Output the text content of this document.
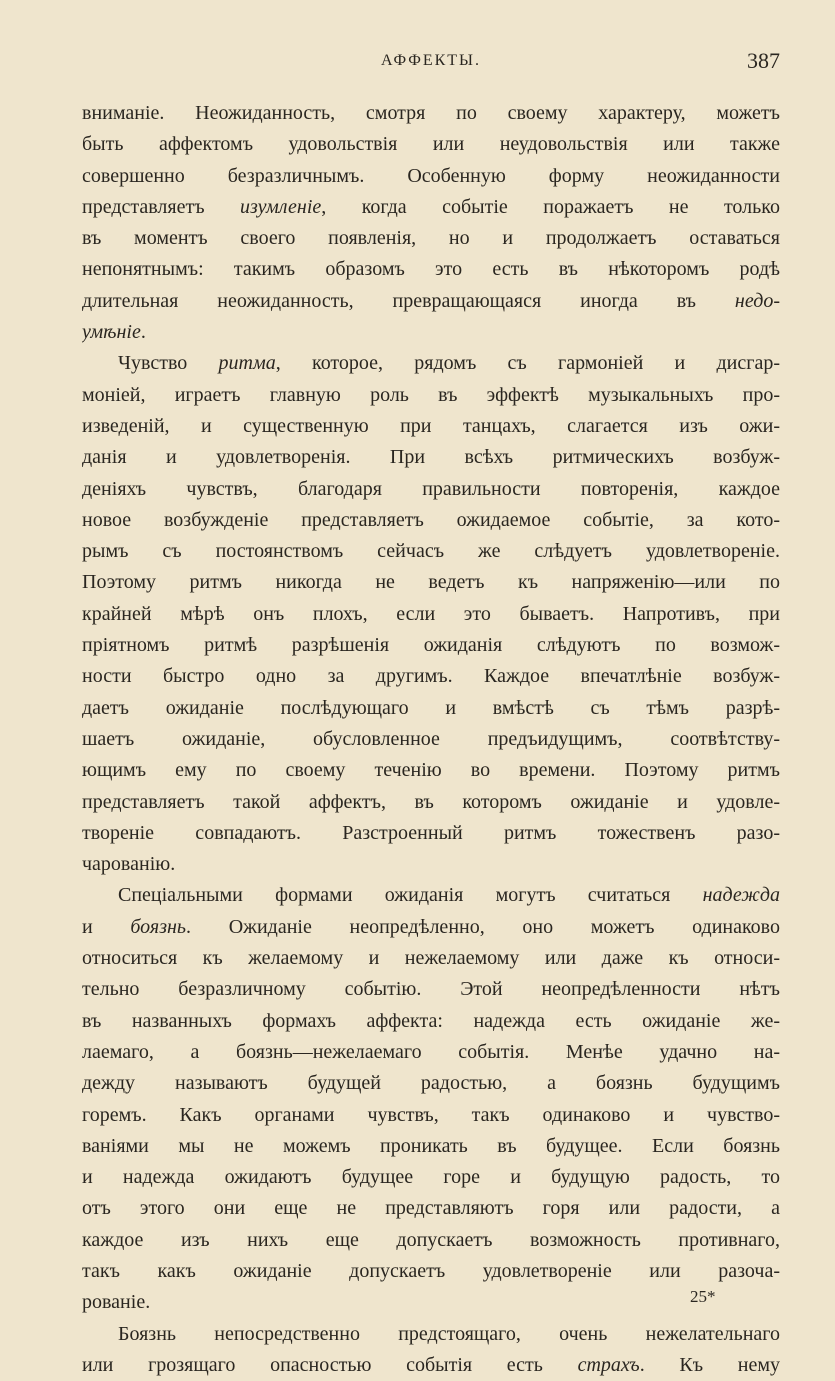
АФФЕКТЫ.	387
вниманіе. Неожиданность, смотря по своему характеру, можетъ
быть аффектомъ удовольствія или неудовольствія или также
совершенно безразличнымъ. Особенную форму неожиданности
представляетъ изумленіе, когда событіе поражаетъ не только
въ моментъ своего появленія, но и продолжаетъ оставаться
непонятнымъ: такимъ образомъ это есть въ нѣкоторомъ родѣ
длительная неожиданность, превращающаяся иногда въ недо-
умѣніе.
Чувство ритма, которое, рядомъ съ гармоніей и дисгар-
моніей, играетъ главную роль въ эффектѣ музыкальныхъ про-
изведеній, и существенную при танцахъ, слагается изъ ожи-
данія и удовлетворенія. При всѣхъ ритмическихъ возбуж-
деніяхъ чувствъ, благодаря правильности повторенія, каждое
новое возбужденіе представляетъ ожидаемое событіе, за кото-
рымъ съ постоянствомъ сейчасъ же слѣдуетъ удовлетвореніе.
Поэтому ритмъ никогда не ведетъ къ напряженію—или по
крайней мѣрѣ онъ плохъ, если это бываетъ. Напротивъ, при
пріятномъ ритмѣ разрѣшенія ожиданія слѣдуютъ по возмож-
ности быстро одно за другимъ. Каждое впечатлѣніе возбуж-
даетъ ожиданіе послѣдующаго и вмѣстѣ съ тѣмъ разрѣ-
шаетъ ожиданіе, обусловленное предъидущимъ, соотвѣтству-
ющимъ ему по своему теченію во времени. Поэтому ритмъ
представляетъ такой аффектъ, въ которомъ ожиданіе и удовле-
твореніе совпадаютъ. Разстроенный ритмъ тожественъ разо-
чарованію.
Спеціальными формами ожиданія могутъ считаться надежда
и боязнь. Ожиданіе неопредѣленно, оно можетъ одинаково
относиться къ желаемому и нежелаемому или даже къ относи-
тельно безразличному событію. Этой неопредѣленности нѣтъ
въ названныхъ формахъ аффекта: надежда есть ожиданіе же-
лаемаго, а боязнь—нежелаемаго событія. Менѣе удачно на-
дежду называютъ будущей радостью, а боязнь будущимъ
горемъ. Какъ органами чувствъ, такъ одинаково и чувство-
ваніями мы не можемъ проникать въ будущее. Если боязнь
и надежда ожидаютъ будущее горе и будущую радость, то
отъ этого они еще не представляютъ горя или радости, а
каждое изъ нихъ еще допускаетъ возможность противнаго,
такъ какъ ожиданіе допускаетъ удовлетвореніе или разоча-
рованіе.
Боязнь непосредственно предстоящаго, очень нежелательнаго
или грозящаго опасностью событія есть страхъ. Къ нему
25*
